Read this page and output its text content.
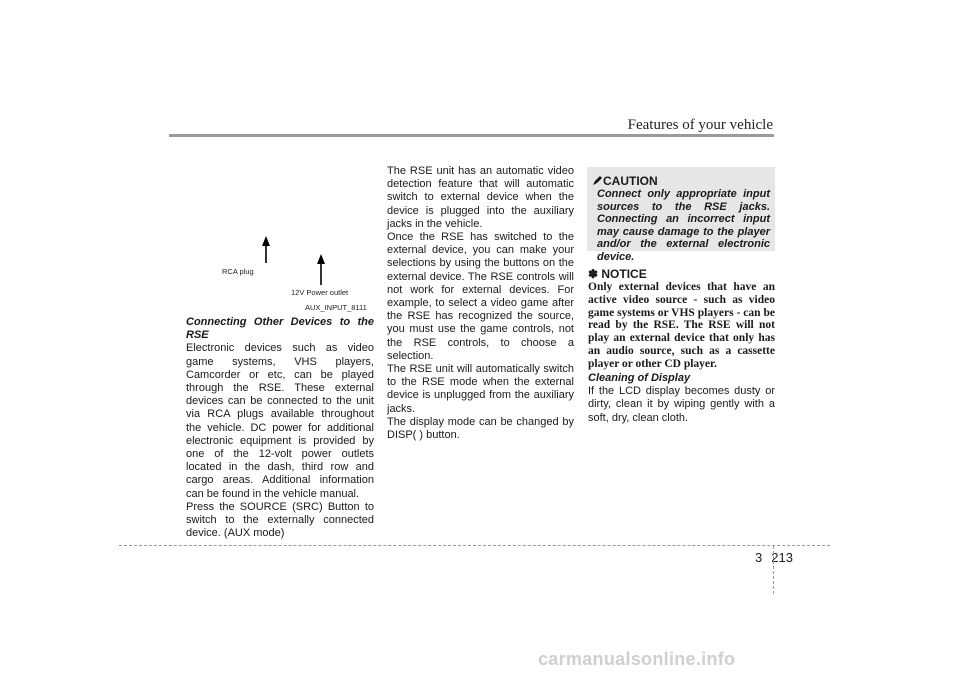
Features of your vehicle
RCA plug
12V Power outlet
AUX_INPUT_8111

Connecting Other Devices to the RSE

Electronic devices such as video game systems, VHS players, Camcorder or etc, can be played through the RSE. These external devices can be connected to the unit via RCA plugs available throughout the vehicle. DC power for additional electronic equipment is provided by one of the 12-volt power outlets located in the dash, third row and cargo areas. Additional information can be found in the vehicle manual.

Press the SOURCE (SRC) Button to switch to the externally connected device. (AUX mode)

The RSE unit has an automatic video detection feature that will automatic switch to external device when the device is plugged into the auxiliary jacks in the vehicle.

Once the RSE has switched to the external device, you can make your selections by using the buttons on the external device. The RSE controls will not work for external devices. For example, to select a video game after the RSE has recognized the source, you must use the game controls, not the RSE controls, to choose a selection.

The RSE unit will automatically switch to the RSE mode when the external device is unplugged from the auxiliary jacks.

The display mode can be changed by DISP( ) button.

CAUTION
Connect only appropriate input sources to the RSE jacks. Connecting an incorrect input may cause damage to the player and/or the external electronic device.
✽ NOTICE
Only external devices that have an active video source - such as video game systems or VHS players - can be read by the RSE. The RSE will not play an external device that only has an audio source, such as a cassette player or other CD player.

Cleaning of Display

If the LCD display becomes dusty or dirty, clean it by wiping gently with a soft, dry, clean cloth.

3 213
carmanualsonline.info
